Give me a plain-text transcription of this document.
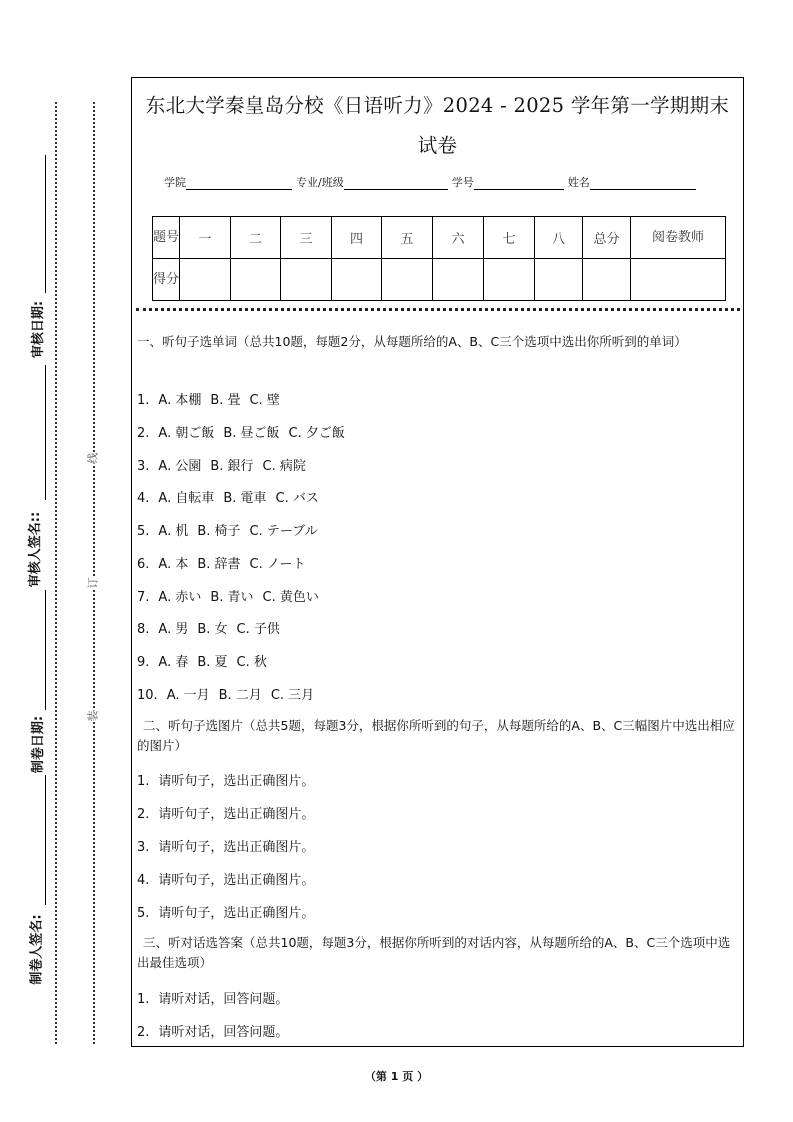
审核日期:
审核人签名::
制卷日期:
制卷人签名:
线
订
装
东北大学秦皇岛分校《日语听力》2024 - 2025 学年第一学期期末
试卷
学院	专业/班级	学号	姓名
题号	一	二	三	四	五	六	七	八	总分	阅卷教师
得分										
一、听句子选单词（总共10题，每题2分，从每题所给的A、B、C三个选项中选出你所听到的单词）
1. A. 本棚 B. 畳 C. 壁
2. A. 朝ご飯 B. 昼ご飯 C. 夕ご飯
3. A. 公園 B. 銀行 C. 病院
4. A. 自転車 B. 電車 C. バス
5. A. 机 B. 椅子 C. テーブル
6. A. 本 B. 辞書 C. ノート
7. A. 赤い B. 青い C. 黄色い
8. A. 男 B. 女 C. 子供
9. A. 春 B. 夏 C. 秋
10. A. 一月 B. 二月 C. 三月
二、听句子选图片（总共5题，每题3分，根据你所听到的句子，从每题所给的A、B、C三幅图片中选出相应的图片）
1. 请听句子，选出正确图片。
2. 请听句子，选出正确图片。
3. 请听句子，选出正确图片。
4. 请听句子，选出正确图片。
5. 请听句子，选出正确图片。
三、听对话选答案（总共10题，每题3分，根据你所听到的对话内容，从每题所给的A、B、C三个选项中选出最佳选项）
1. 请听对话，回答问题。
2. 请听对话，回答问题。
（第 1 页 ）
